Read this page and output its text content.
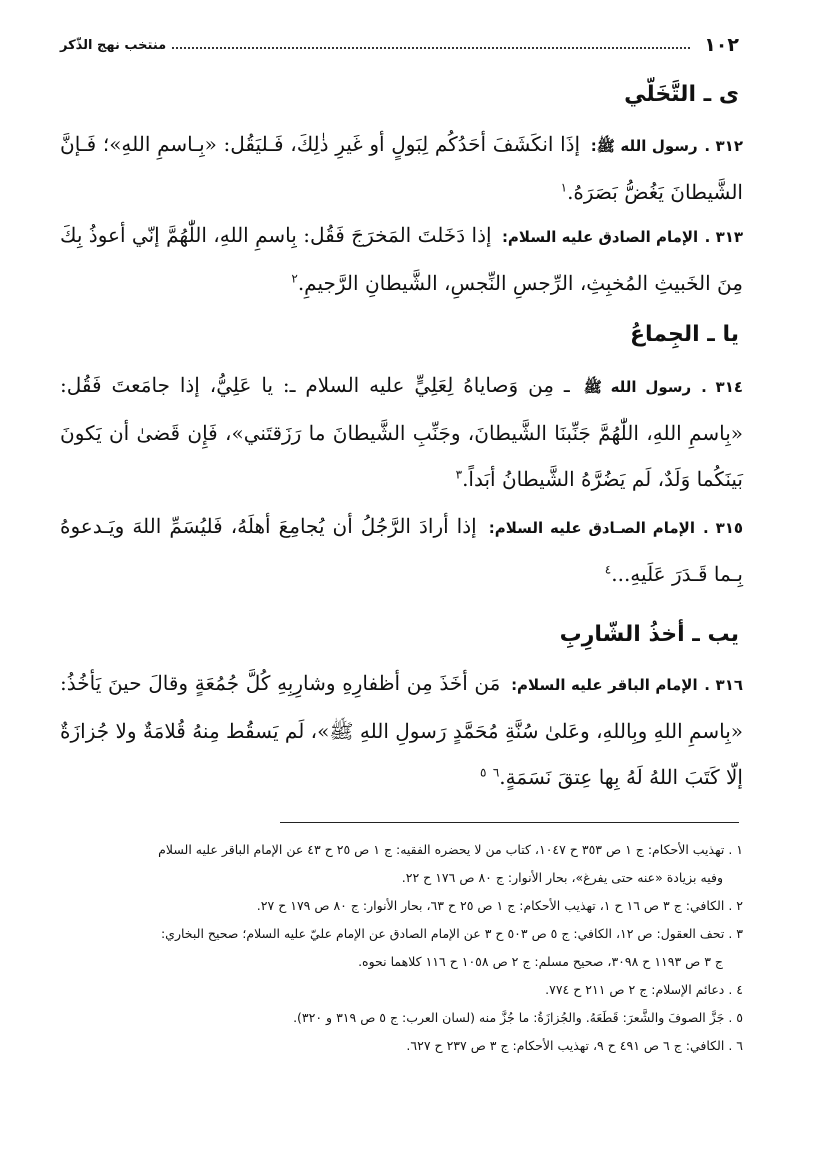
١٠٢
منتخب نهج الذّكر
ى ـ التَّخَلّي
٣١٢ . رسول الله ﷺ: إذَا انكَشَفَ أحَدُكُم لِبَولٍ أو غَيرِ ذٰلِكَ، فَـليَقُل: «بِـاسمِ اللهِ»؛ فَـإنَّ الشَّيطانَ يَغُضُّ بَصَرَهُ.$^١$
٣١٣ . الإمام الصادق عليه السلام: إذا دَخَلتَ المَخرَجَ فَقُل: بِاسمِ اللهِ، اللّٰهُمَّ إنّي أعوذُ بِكَ مِنَ الخَبيثِ المُخبِثِ، الرِّجسِ النِّجسِ، الشَّيطانِ الرَّجيمِ.$^٢$
يا ـ الجِماعُ
٣١٤ . رسول الله ﷺ ـ مِن وَصاياهُ لِعَلِيٍّ عليه السلام ـ: يا عَلِيُّ، إذا جامَعتَ فَقُل: «بِاسمِ اللهِ، اللّٰهُمَّ جَنِّبنَا الشَّيطانَ، وجَنِّبِ الشَّيطانَ ما رَزَقتَني»، فَإِن قَضىٰ أن يَكونَ بَينَكُما وَلَدٌ، لَم يَضُرَّهُ الشَّيطانُ أبَداً.$^٣$
٣١٥ . الإمام الصـادق عليه السلام: إذا أرادَ الرَّجُلُ أن يُجامِعَ أهلَهُ، فَليُسَمِّ اللهَ ويَـدعوهُ بِـما قَـدَرَ عَلَيهِ...$^٤$
يب ـ أخذُ الشّارِبِ
٣١٦ . الإمام الباقر عليه السلام: مَن أخَذَ مِن أظفارِهِ وشارِبِهِ كُلَّ جُمُعَةٍ وقالَ حينَ يَأخُذُ: «بِاسمِ اللهِ وبِاللهِ، وعَلىٰ سُنَّةِ مُحَمَّدٍ رَسولِ اللهِ ﷺ»، لَم يَسقُط مِنهُ قُلامَةٌ ولا جُزازَةٌ إلّا كَتَبَ اللهُ لَهُ بِها عِتقَ نَسَمَةٍ.$^٦$ $^٥$

١ . تهذيب الأحكام: ج ١ ص ٣٥٣ ح ١٠٤٧، كتاب من لا يحضره الفقيه: ج ١ ص ٢٥ ح ٤٣ عن الإمام الباقر عليه السلام

وفيه بزيادة «عنه حتى يفرغ»، بحار الأنوار: ج ٨٠ ص ١٧٦ ح ٢٢.

٢ . الكافي: ج ٣ ص ١٦ ح ١، تهذيب الأحكام: ج ١ ص ٢٥ ح ٦٣، بحار الأنوار: ج ٨٠ ص ١٧٩ ح ٢٧.

٣ . تحف العقول: ص ١٢، الكافي: ج ٥ ص ٥٠٣ ح ٣ عن الإمام الصادق عن الإمام عليّ عليه السلام؛ صحيح البخاري:

ج ٣ ص ١١٩٣ ح ٣٠٩٨، صحيح مسلم: ج ٢ ص ١٠٥٨ ح ١١٦ كلاهما نحوه.

٤ . دعائم الإسلام: ج ٢ ص ٢١١ ح ٧٧٤.

٥ . جَزَّ الصوفَ والشَّعرَ: قَطَعَهُ. والجُزازَةُ: ما جُزَّ منه (لسان العرب: ج ٥ ص ٣١٩ و ٣٢٠).

٦ . الكافي: ج ٦ ص ٤٩١ ح ٩، تهذيب الأحكام: ج ٣ ص ٢٣٧ ح ٦٢٧.
